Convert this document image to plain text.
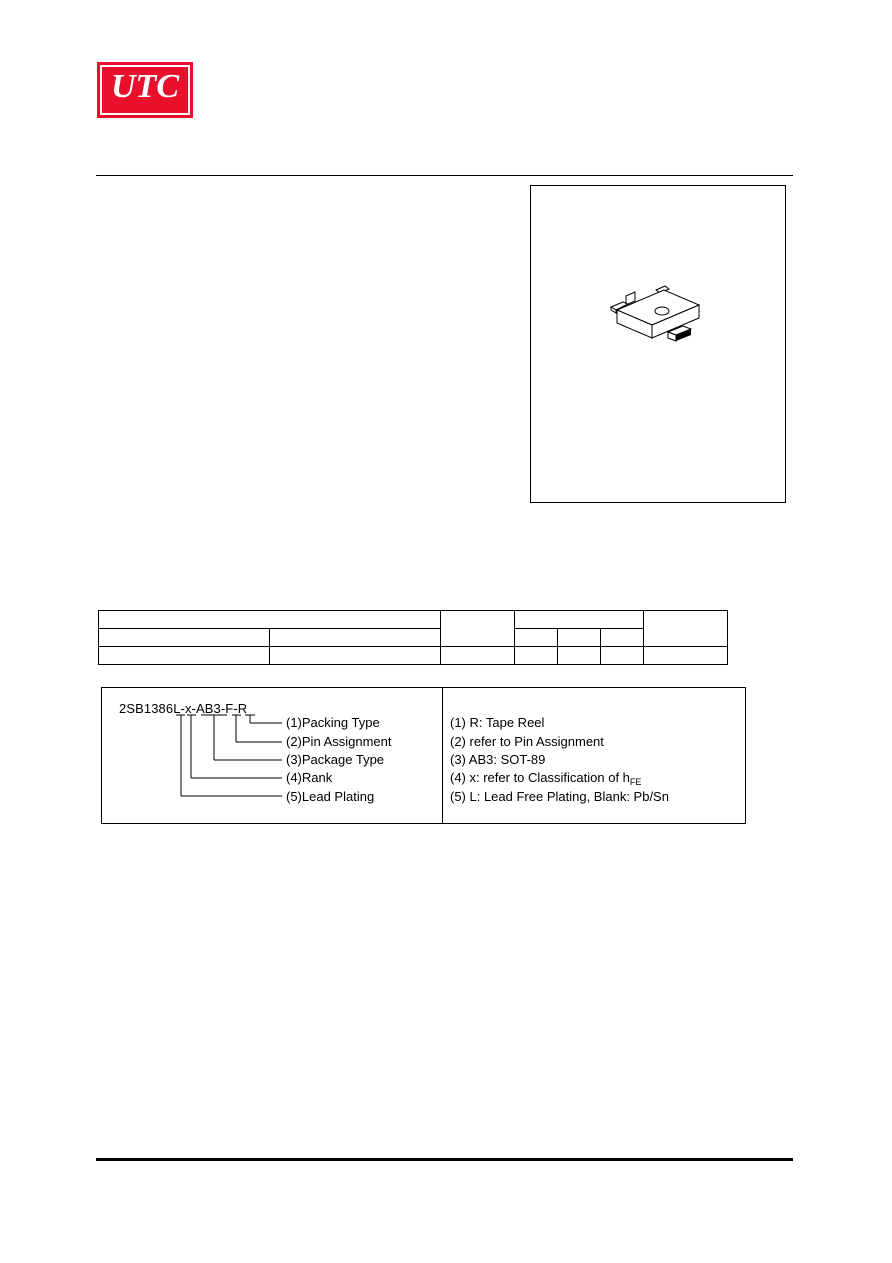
UTC

2SB1386L-x-AB3-F-R
(1)Packing Type
(2)Pin Assignment
(3)Package Type
(4)Rank
(5)Lead Plating
(1) R: Tape Reel
(2) refer to Pin Assignment
(3) AB3: SOT-89
(4) x: refer to Classification of $h_{FE}$
(5) L: Lead Free Plating, Blank: Pb/Sn
